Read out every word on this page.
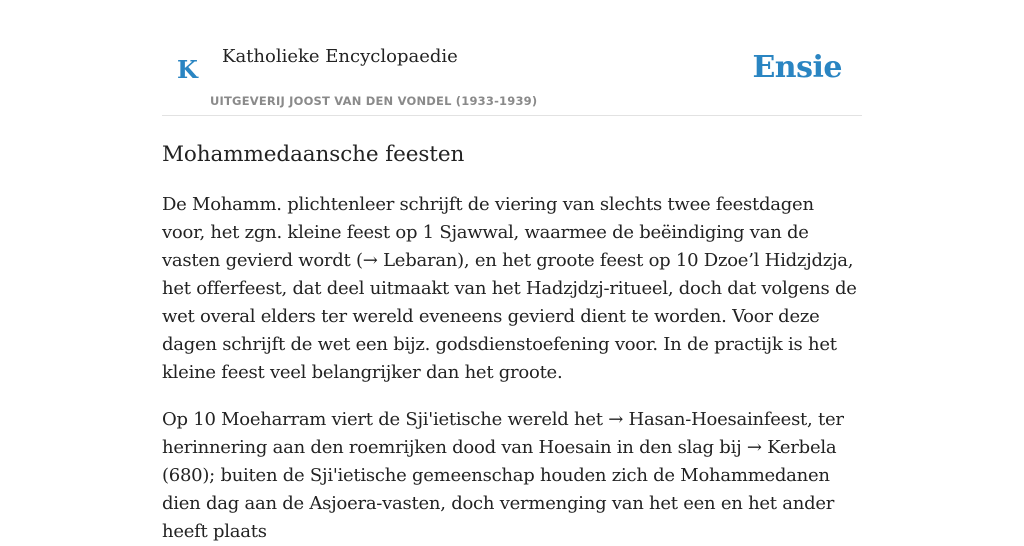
K Katholieke Encyclopaedie
UITGEVERIJ JOOST VAN DEN VONDEL (1933-1939)
Ensie
Mohammedaansche feesten

De Mohamm. plichtenleer schrijft de viering van slechts twee feestdagen voor, het zgn. kleine feest op 1 Sjawwal, waarmee de beëindiging van de vasten gevierd wordt (→ Lebaran), en het groote feest op 10 Dzoe’l Hidzjdzja, het offerfeest, dat deel uitmaakt van het Hadzjdzj-ritueel, doch dat volgens de wet overal elders ter wereld eveneens gevierd dient te worden. Voor deze dagen schrijft de wet een bijz. godsdienstoefening voor. In de practijk is het kleine feest veel belangrijker dan het groote.

Op 10 Moeharram viert de Sji'ietische wereld het → Hasan-Hoesainfeest, ter herinnering aan den roemrijken dood van Hoesain in den slag bij → Kerbela (680); buiten de Sji'ietische gemeenschap houden zich de Mohammedanen dien dag aan de Asjoera-vasten, doch vermenging van het een en het ander heeft plaats
